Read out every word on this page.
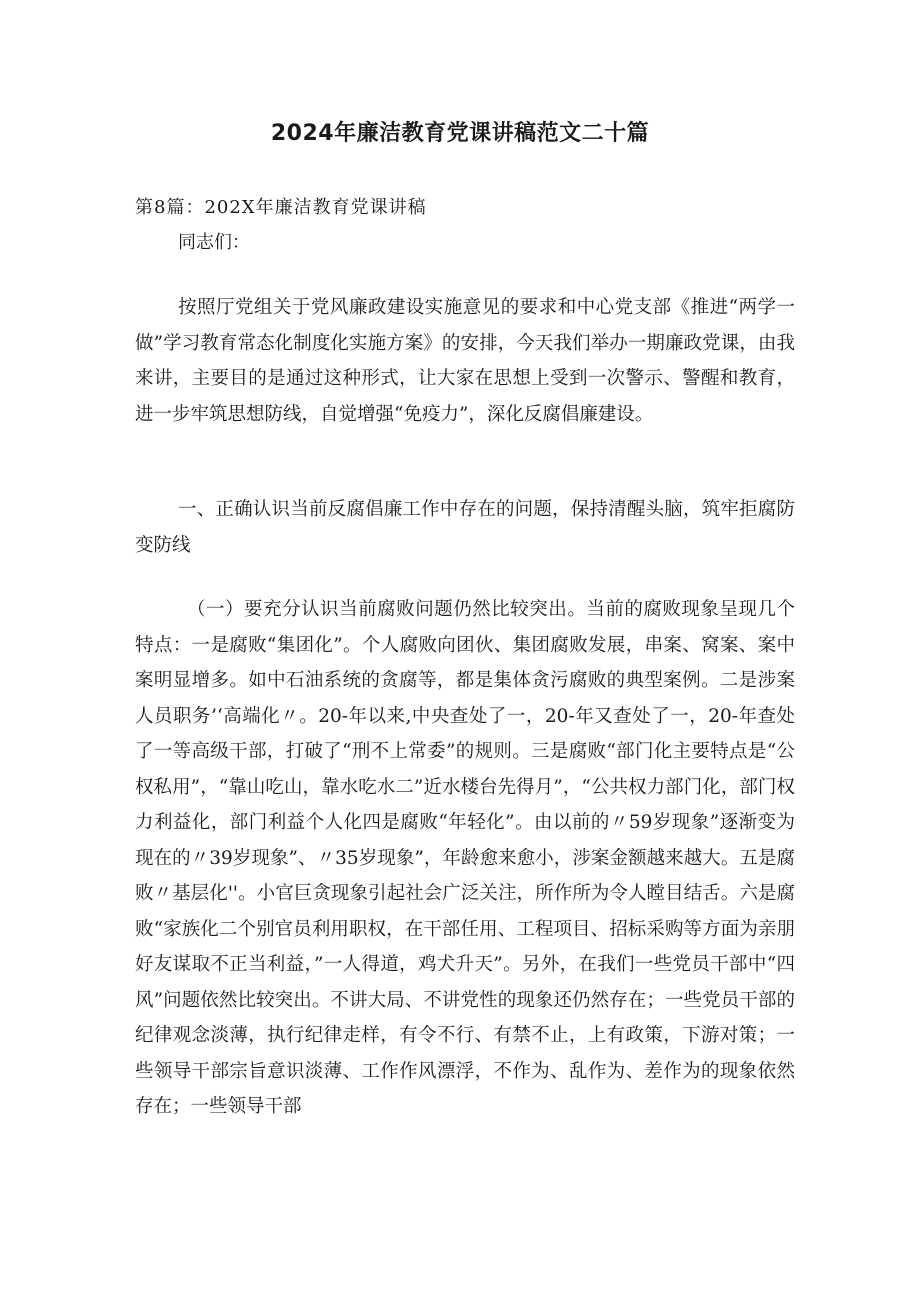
2024年廉洁教育党课讲稿范文二十篇
第8篇：202X年廉洁教育党课讲稿
同志们：

按照厅党组关于党风廉政建设实施意见的要求和中心党支部《推进“两学一做”学习教育常态化制度化实施方案》的安排，今天我们举办一期廉政党课，由我来讲，主要目的是通过这种形式，让大家在思想上受到一次警示、警醒和教育，进一步牢筑思想防线，自觉增强“免疫力”，深化反腐倡廉建设。

一、正确认识当前反腐倡廉工作中存在的问题，保持清醒头脑，筑牢拒腐防变防线

（一）要充分认识当前腐败问题仍然比较突出。当前的腐败现象呈现几个特点：一是腐败“集团化”。个人腐败向团伙、集团腐败发展，串案、窝案、案中案明显增多。如中石油系统的贪腐等，都是集体贪污腐败的典型案例。二是涉案人员职务’‘高端化〃。20-年以来,中央查处了一，20-年又查处了一，20-年查处了一等高级干部，打破了“刑不上常委”的规则。三是腐败“部门化主要特点是“公权私用”，“靠山吃山，靠水吃水二”近水楼台先得月”，“公共权力部门化，部门权力利益化，部门利益个人化四是腐败“年轻化”。由以前的〃59岁现象”逐渐变为现在的〃39岁现象”、〃35岁现象”，年龄愈来愈小，涉案金额越来越大。五是腐败〃基层化''。小官巨贪现象引起社会广泛关注，所作所为令人瞠目结舌。六是腐败“家族化二个别官员利用职权，在干部任用、工程项目、招标采购等方面为亲朋好友谋取不正当利益，”一人得道，鸡犬升天”。另外，在我们一些党员干部中“四风”问题依然比较突出。不讲大局、不讲党性的现象还仍然存在；一些党员干部的纪律观念淡薄，执行纪律走样，有令不行、有禁不止，上有政策，下游对策；一些领导干部宗旨意识淡薄、工作作风漂浮，不作为、乱作为、差作为的现象依然存在；一些领导干部
